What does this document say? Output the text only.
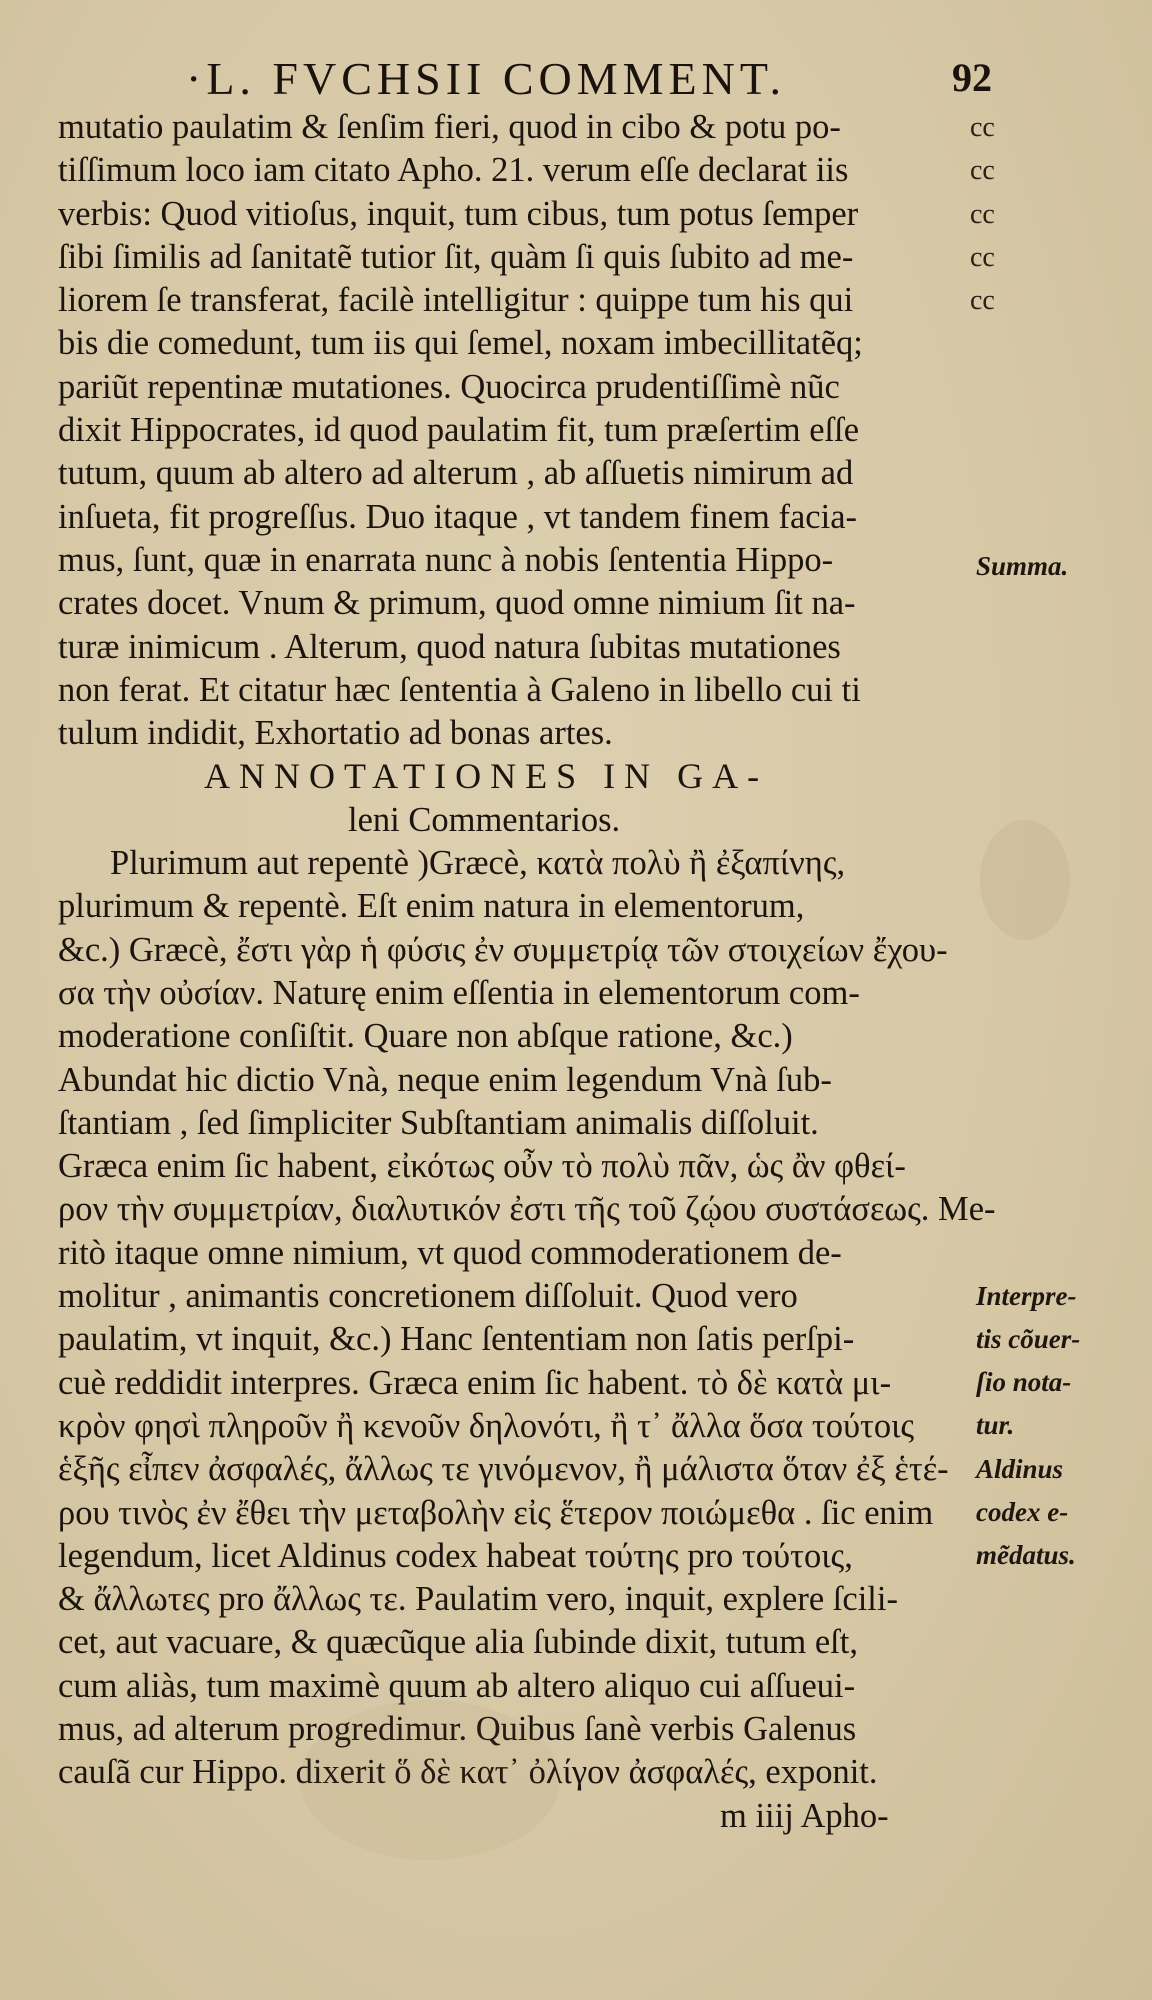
·L. FVCHSII COMMENT.	92
mutatio paulatim & ſenſim fieri, quod in cibo & potu po-
tiſſimum loco iam citato Apho. 21. verum eſſe declarat iis
verbis: Quod vitioſus, inquit, tum cibus, tum potus ſemper
ſibi ſimilis ad ſanitatẽ tutior ſit, quàm ſi quis ſubito ad me-
liorem ſe transferat, facilè intelligitur : quippe tum his qui
bis die comedunt, tum iis qui ſemel, noxam imbecillitatẽq;
pariũt repentinæ mutationes. Quocirca prudentiſſimè nũc
dixit Hippocrates, id quod paulatim fit, tum præſertim eſſe
tutum, quum ab altero ad alterum , ab aſſuetis nimirum ad
inſueta, fit progreſſus. Duo itaque , vt tandem finem facia-
mus, ſunt, quæ in enarrata nunc à nobis ſententia Hippo-
crates docet. Vnum & primum, quod omne nimium ſit na-
turæ inimicum . Alterum, quod natura ſubitas mutationes
non ferat. Et citatur hæc ſententia à Galeno in libello cui ti
tulum indidit, Exhortatio ad bonas artes.
ANNOTATIONES IN GA-
leni Commentarios.
Plurimum aut repentè )Græcè, κατὰ πολὺ ἢ ἐξαπίνης,
plurimum & repentè. Eſt enim natura in elementorum,
&c.) Græcè, ἔστι γὰρ ἡ φύσις ἐν συμμετρίᾳ τῶν στοιχείων ἔχου-
σα τὴν οὐσίαν. Naturę enim eſſentia in elementorum com-
moderatione conſiſtit. Quare non abſque ratione, &c.)
Abundat hic dictio Vnà, neque enim legendum Vnà ſub-
ſtantiam , ſed ſimpliciter Subſtantiam animalis diſſoluit.
Græca enim ſic habent, εἰκότως οὖν τὸ πολὺ πᾶν, ὡς ἂν φθεί-
ρον τὴν συμμετρίαν, διαλυτικόν ἐστι τῆς τοῦ ζῴου συστάσεως. Me-
ritò itaque omne nimium, vt quod commoderationem de-
molitur , animantis concretionem diſſoluit. Quod vero
paulatim, vt inquit, &c.) Hanc ſententiam non ſatis perſpi-
cuè reddidit interpres. Græca enim ſic habent. τὸ δὲ κατὰ μι-
κρὸν φησὶ πληροῦν ἢ κενοῦν δηλονότι, ἢ τ᾽ ἄλλα ὅσα τούτοις
ἑξῆς εἶπεν ἀσφαλές, ἄλλως τε γινόμενον, ἢ μάλιστα ὅταν ἐξ ἑτέ-
ρου τινὸς ἐν ἔθει τὴν μεταβολὴν εἰς ἕτερον ποιώμεθα . ſic enim
legendum, licet Aldinus codex habeat τούτης pro τούτοις,
& ἄλλωτες pro ἄλλως τε. Paulatim vero, inquit, explere ſcili-
cet, aut vacuare, & quæcũque alia ſubinde dixit, tutum eſt,
cum aliàs, tum maximè quum ab altero aliquo cui aſſueui-
mus, ad alterum progredimur. Quibus ſanè verbis Galenus
cauſã cur Hippo. dixerit ὅ δὲ κατ᾽ ὀλίγον ἀσφαλές, exponit.
m iiij Apho-
cc
cc
cc
cc
cc
Summa.
Interpre-
tis cõuer-
ſio nota-
tur.
Aldinus
codex e-
mẽdatus.
